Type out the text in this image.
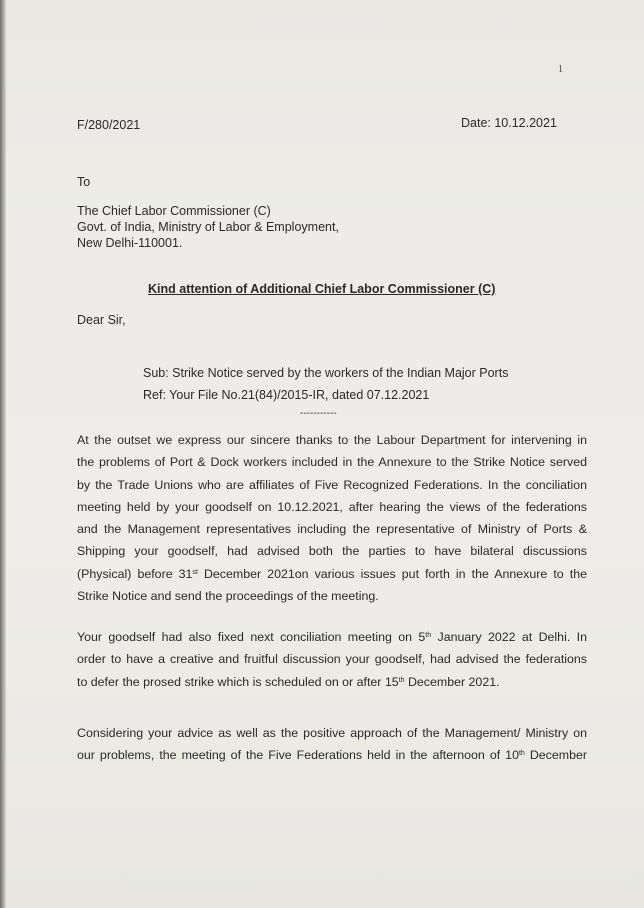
1
F/280/2021	Date: 10.12.2021
To
The Chief Labor Commissioner (C)
Govt. of India, Ministry of Labor & Employment,
New Delhi-110001.
Kind attention of Additional Chief Labor Commissioner (C)
Dear Sir,
Sub: Strike Notice served by the workers of the Indian Major Ports
Ref: Your File No.21(84)/2015-IR, dated 07.12.2021
-----------
At the outset we express our sincere thanks to the Labour Department for intervening in
the problems of Port & Dock workers included in the Annexure to the Strike Notice served
by the Trade Unions who are affiliates of Five Recognized Federations. In the conciliation
meeting held by your goodself on 10.12.2021, after hearing the views of the federations
and the Management representatives including the representative of Ministry of Ports &
Shipping your goodself, had advised both the parties to have bilateral discussions
(Physical) before 31st December 2021on various issues put forth in the Annexure to the
Strike Notice and send the proceedings of the meeting.
Your goodself had also fixed next conciliation meeting on 5th January 2022 at Delhi. In
order to have a creative and fruitful discussion your goodself, had advised the federations
to defer the prosed strike which is scheduled on or after 15th December 2021.
Considering your advice as well as the positive approach of the Management/ Ministry on
our problems, the meeting of the Five Federations held in the afternoon of 10th December
